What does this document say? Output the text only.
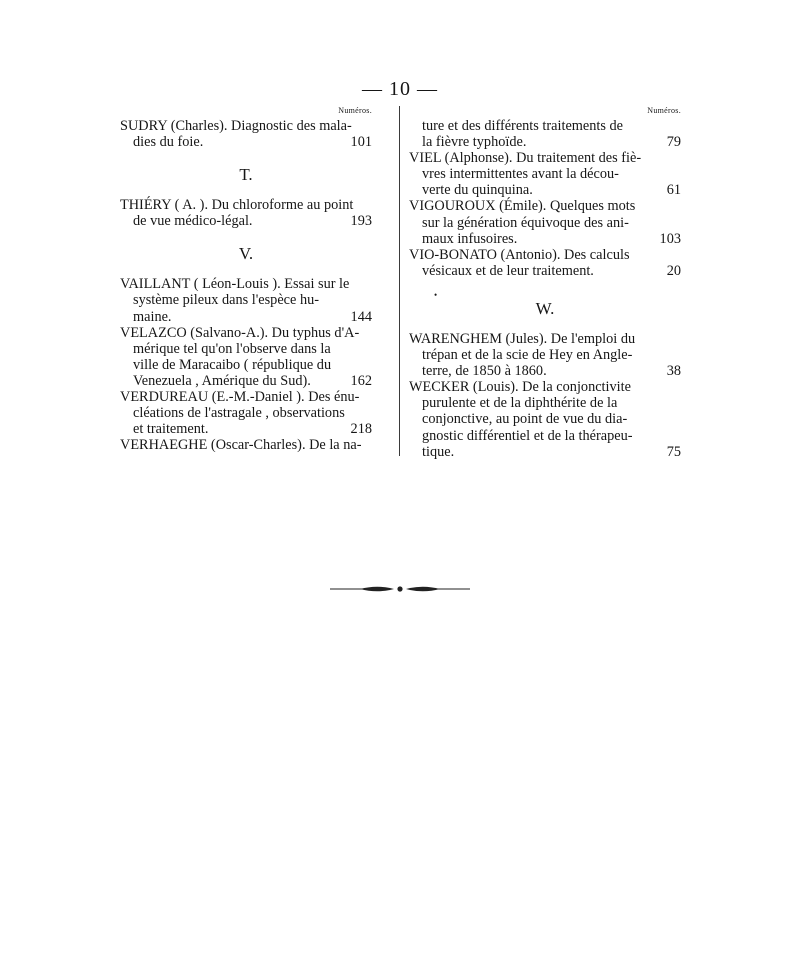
— 10 —
Numéros.
SUDRY (Charles). Diagnostic des mala-
dies du foie.	101
T.
THIÉRY ( A. ). Du chloroforme au point
de vue médico-légal.	193
V.
VAILLANT ( Léon-Louis ). Essai sur le
système pileux dans l'espèce hu-
maine.	144
VELAZCO (Salvano-A.). Du typhus d'A-
mérique tel qu'on l'observe dans la
ville de Maracaibo ( république du
Venezuela , Amérique du Sud).	162
VERDUREAU (E.-M.-Daniel ). Des énu-
cléations de l'astragale , observations
et traitement.	218
VERHAEGHE (Oscar-Charles). De la na-
Numéros.
ture et des différents traitements de
la fièvre typhoïde.	79
VIEL (Alphonse). Du traitement des fiè-
vres intermittentes avant la décou-
verte du quinquina.	61
VIGOUROUX (Émile). Quelques mots
sur la génération équivoque des ani-
maux infusoires.	103
VIO-BONATO (Antonio). Des calculs
vésicaux et de leur traitement.	20
W.
WARENGHEM (Jules). De l'emploi du
trépan et de la scie de Hey en Angle-
terre, de 1850 à 1860.	38
WECKER (Louis). De la conjonctivite
purulente et de la diphthérite de la
conjonctive, au point de vue du dia-
gnostic différentiel et de la thérapeu-
tique.	75
•
